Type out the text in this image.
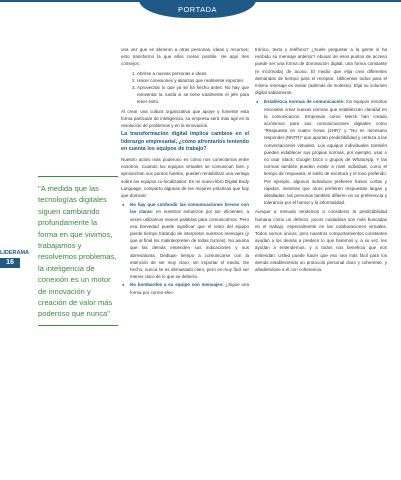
PORTADA
LIDERAMA
16
"A medida que las tecnologías digitales siguen cambiando profundamente la forma en que vivimos, trabajamos y resolvemos problemas, la inteligencia de conexión es un motor de innovación y creación de valor más poderoso que nunca"

una vez que se abrieron a otras personas, ideas y recursos; esto transformó la que ellos creían posible. He aquí tres consejos:

1. Abrirse a nuevas personas e ideas.
2. Hacer conexiones y alianzas que realmente importen.
3. Aprovechar lo que ya se ha hecho antes. No hay que reinventar la rueda si se tiene totalmente el jefe para tener éxito.

Al crear una cultura organizativa que apoye y fomente esta forma particular de inteligencia, su empresa será más ágil en la resolución de problemas y en la innovación.

La transformación digital implica cambios en el liderazgo empresarial, ¿cómo afrontarlos teniendo en cuenta los equipos de trabajo?

Nuestro activo más poderoso es cómo nos conectamos entre nosotros. Cuando los equipos virtuales se comunican bien y aprovechan sus puntos fuertes, pueden rentabilizar una ventaja sobre los equipos co-localizados. En mi nuevo libro Digital Body Language, comparto algunas de las mejores prácticas que hay que dominar:

● No hay que confundir las comunicaciones breves con las claras: en nuestros esfuerzos por ser eficientes, a veces utilizamos menos palabras para comunicarnos. Pero esa brevedad puede significar que el resto del equipo pierde tiempo tratando de interpretar nuestros mensajes (y que al final los malinterpreten de todas formas). No asuma que las demás entienden sus indicaciones y sus abreviaturas. Dedique tiempo a comunicarse con la intención de ser muy claro, sin importar el medio. De hecho, nunca se es demasiado claro, pero es muy fácil ser menos claro de lo que se debería.
● No bombardee a su equipo con mensajes: ¿Sigue una forma por correo elec-

trónico, texto y teléfono? ¿Suele preguntar a la gente si ha recibido su mensaje anterior? Abusar de esos puntos de acceso puede ser una forma de dominación digital, una forma constante (e incómoda) de acoso. El medio que elija crea diferentes demandas de tiempo para el receptor. Utilícenlos todos para el mismo mensaje es invitar (además de molesto). Elija su volumen digital sabiamente.

● Establezca normas de comunicación: los equipos remotos necesitan crear nuevas normas que establezcan claridad en la comunicación. Empresas como Merck han creado acrónimos para sus comunicaciones digitales como "Respuesta en cuatro horas (4HR)" y "No es necesario responder (NNTR)" que aportan predictibilidad y certeza a las conversaciones virtuales. Los equipos individuales también pueden establecer sus propias normas, por ejemplo, usar o no usar Slack, Google Docs o grupos de WhatsApp. Y las normas también pueden existir a nivel individual, como el tiempo de respuesta, el estilo de escritura y el tono preferido. Por ejemplo, algunos individuos prefieren frases cortas y rápidos, mientras que otros prefieren respuestas largas y detalladas; las personas también difieren en su preferencia y tolerancia por el humor y la informalidad.

Aunque a menudo tendemos a considerar la predictibilidad humana como un defecto, pocos cuidadosa son más buscadas en el trabajo, especialmente en las colaboraciones virtuales. Todos somos únicos, pero nuestros comportamientos constantes ayudan a los demás a predecir lo que haremos y, a su vez, les ayudan a entendernos, y a todos nos beneficia que nos entiendan. Usted puede hacer que eso sea más fácil para los demás estableciendo un protocolo personal claro y coherente, y añadiéndose a él con coherencia.
